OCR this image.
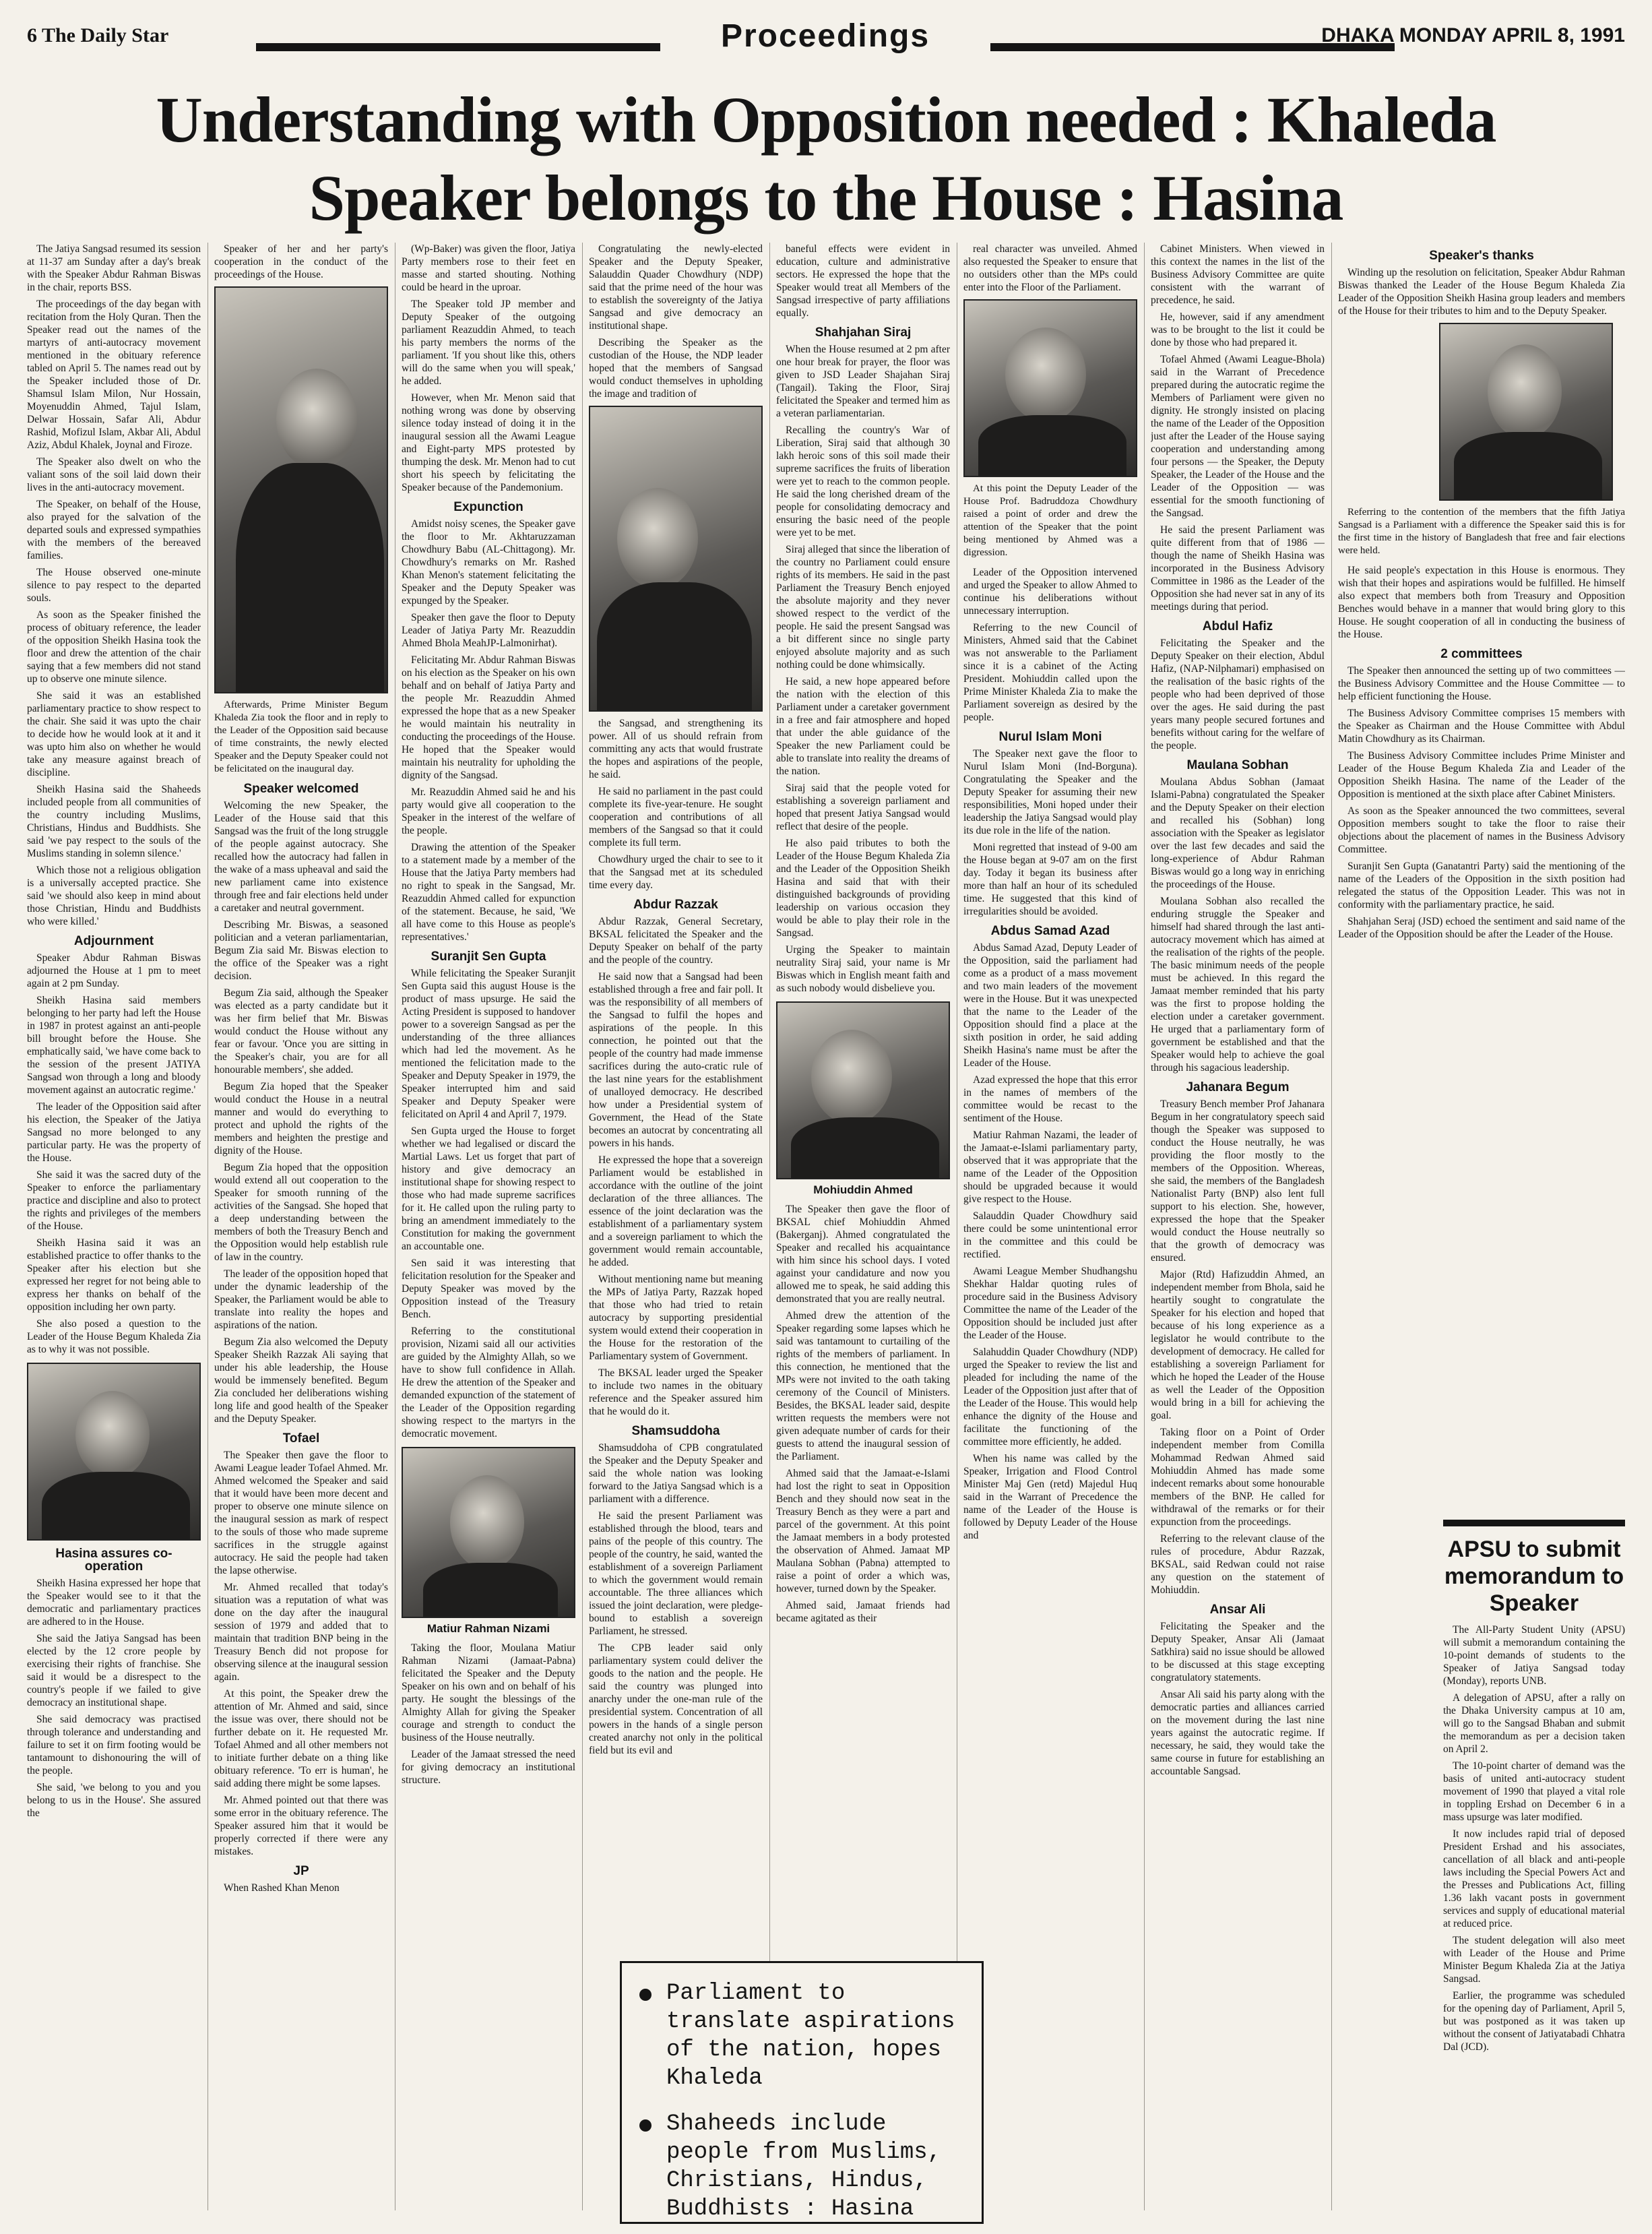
6 The Daily Star	Proceedings	DHAKA MONDAY APRIL 8, 1991
Understanding with Opposition needed : Khaleda
Speaker belongs to the House : Hasina

The Jatiya Sangsad resumed its session at 11-37 am Sunday after a day's break with the Speaker Abdur Rahman Biswas in the chair, reports BSS.

The proceedings of the day began with recitation from the Holy Quran. Then the Speaker read out the names of the martyrs of anti-autocracy movement mentioned in the obituary reference tabled on April 5. The names read out by the Speaker included those of Dr. Shamsul Islam Milon, Nur Hossain, Moyenuddin Ahmed, Tajul Islam, Delwar Hossain, Safar Ali, Abdur Rashid, Mofizul Islam, Akbar Ali, Abdul Aziz, Abdul Khalek, Joynal and Firoze.

The Speaker also dwelt on who the valiant sons of the soil laid down their lives in the anti-autocracy movement.

The Speaker, on behalf of the House, also prayed for the salvation of the departed souls and expressed sympathies with the members of the bereaved families.

The House observed one-minute silence to pay respect to the departed souls.

As soon as the Speaker finished the process of obituary reference, the leader of the opposition Sheikh Hasina took the floor and drew the attention of the chair saying that a few members did not stand up to observe one minute silence.

She said it was an established parliamentary practice to show respect to the chair. She said it was upto the chair to decide how he would look at it and it was upto him also on whether he would take any measure against breach of discipline.

Sheikh Hasina said the Shaheeds included people from all communities of the country including Muslims, Christians, Hindus and Buddhists. She said 'we pay respect to the souls of the Muslims standing in solemn silence.'

Which those not a religious obligation is a universally accepted practice. She said 'we should also keep in mind about those Christian, Hindu and Buddhists who were killed.'

Adjournment

Speaker Abdur Rahman Biswas adjourned the House at 1 pm to meet again at 2 pm Sunday.

Sheikh Hasina said members belonging to her party had left the House in 1987 in protest against an anti-people bill brought before the House. She emphatically said, 'we have come back to the session of the present JATIYA Sangsad won through a long and bloody movement against an autocratic regime.'

The leader of the Opposition said after his election, the Speaker of the Jatiya Sangsad no more belonged to any particular party. He was the property of the House.

She said it was the sacred duty of the Speaker to enforce the parliamentary practice and discipline and also to protect the rights and privileges of the members of the House.

Sheikh Hasina said it was an established practice to offer thanks to the Speaker after his election but she expressed her regret for not being able to express her thanks on behalf of the opposition including her own party.

She also posed a question to the Leader of the House Begum Khaleda Zia as to why it was not possible.

Hasina assures co-operation

Sheikh Hasina expressed her hope that the Speaker would see to it that the democratic and parliamentary practices are adhered to in the House.

She said the Jatiya Sangsad has been elected by the 12 crore people by exercising their rights of franchise. She said it would be a disrespect to the country's people if we failed to give democracy an institutional shape.

She said democracy was practised through tolerance and understanding and failure to set it on firm footing would be tantamount to dishonouring the will of the people.

She said, 'we belong to you and you belong to us in the House'. She assured the

Speaker of her and her party's cooperation in the conduct of the proceedings of the House.

Afterwards, Prime Minister Begum Khaleda Zia took the floor and in reply to the Leader of the Opposition said because of time constraints, the newly elected Speaker and the Deputy Speaker could not be felicitated on the inaugural day.

Speaker welcomed

Welcoming the new Speaker, the Leader of the House said that this Sangsad was the fruit of the long struggle of the people against autocracy. She recalled how the autocracy had fallen in the wake of a mass upheaval and said the new parliament came into existence through free and fair elections held under a caretaker and neutral government.

Describing Mr. Biswas, a seasoned politician and a veteran parliamentarian, Begum Zia said Mr. Biswas election to the office of the Speaker was a right decision.

Begum Zia said, although the Speaker was elected as a party candidate but it was her firm belief that Mr. Biswas would conduct the House without any fear or favour. 'Once you are sitting in the Speaker's chair, you are for all honourable members', she added.

Begum Zia hoped that the Speaker would conduct the House in a neutral manner and would do everything to protect and uphold the rights of the members and heighten the prestige and dignity of the House.

Begum Zia hoped that the opposition would extend all out cooperation to the Speaker for smooth running of the activities of the Sangsad. She hoped that a deep understanding between the members of both the Treasury Bench and the Opposition would help establish rule of law in the country.

The leader of the opposition hoped that under the dynamic leadership of the Speaker, the Parliament would be able to translate into reality the hopes and aspirations of the nation.

Begum Zia also welcomed the Deputy Speaker Sheikh Razzak Ali saying that under his able leadership, the House would be immensely benefited. Begum Zia concluded her deliberations wishing long life and good health of the Speaker and the Deputy Speaker.

Tofael

The Speaker then gave the floor to Awami League leader Tofael Ahmed. Mr. Ahmed welcomed the Speaker and said that it would have been more decent and proper to observe one minute silence on the inaugural session as mark of respect to the souls of those who made supreme sacrifices in the struggle against autocracy. He said the people had taken the lapse otherwise.

Mr. Ahmed recalled that today's situation was a reputation of what was done on the day after the inaugural session of 1979 and added that to maintain that tradition BNP being in the Treasury Bench did not propose for observing silence at the inaugural session again.

At this point, the Speaker drew the attention of Mr. Ahmed and said, since the issue was over, there should not be further debate on it. He requested Mr. Tofael Ahmed and all other members not to initiate further debate on a thing like obituary reference. 'To err is human', he said adding there might be some lapses.

Mr. Ahmed pointed out that there was some error in the obituary reference. The Speaker assured him that it would be properly corrected if there were any mistakes.

JP

When Rashed Khan Menon

(Wp-Baker) was given the floor, Jatiya Party members rose to their feet en masse and started shouting. Nothing could be heard in the uproar.

The Speaker told JP member and Deputy Speaker of the outgoing parliament Reazuddin Ahmed, to teach his party members the norms of the parliament. 'If you shout like this, others will do the same when you will speak,' he added.

However, when Mr. Menon said that nothing wrong was done by observing silence today instead of doing it in the inaugural session all the Awami League and Eight-party MPS protested by thumping the desk. Mr. Menon had to cut short his speech by felicitating the Speaker because of the Pandemonium.

Expunction

Amidst noisy scenes, the Speaker gave the floor to Mr. Akhtaruzzaman Chowdhury Babu (AL-Chittagong). Mr. Chowdhury's remarks on Mr. Rashed Khan Menon's statement felicitating the Speaker and the Deputy Speaker was expunged by the Speaker.

Speaker then gave the floor to Deputy Leader of Jatiya Party Mr. Reazuddin Ahmed Bhola MeahJP-Lalmonirhat).

Felicitating Mr. Abdur Rahman Biswas on his election as the Speaker on his own behalf and on behalf of Jatiya Party and the people Mr. Reazuddin Ahmed expressed the hope that as a new Speaker he would maintain his neutrality in conducting the proceedings of the House. He hoped that the Speaker would maintain his neutrality for upholding the dignity of the Sangsad.

Mr. Reazuddin Ahmed said he and his party would give all cooperation to the Speaker in the interest of the welfare of the people.

Drawing the attention of the Speaker to a statement made by a member of the House that the Jatiya Party members had no right to speak in the Sangsad, Mr. Reazuddin Ahmed called for expunction of the statement. Because, he said, 'We all have come to this House as people's representatives.'

Suranjit Sen Gupta

While felicitating the Speaker Suranjit Sen Gupta said this august House is the product of mass upsurge. He said the Acting President is supposed to handover power to a sovereign Sangsad as per the understanding of the three alliances which had led the movement. As he mentioned the felicitation made to the Speaker and Deputy Speaker in 1979, the Speaker interrupted him and said Speaker and Deputy Speaker were felicitated on April 4 and April 7, 1979.

Sen Gupta urged the House to forget whether we had legalised or discard the Martial Laws. Let us forget that part of history and give democracy an institutional shape for showing respect to those who had made supreme sacrifices for it. He called upon the ruling party to bring an amendment immediately to the Constitution for making the government an accountable one.

Sen said it was interesting that felicitation resolution for the Speaker and Deputy Speaker was moved by the Opposition instead of the Treasury Bench.

Referring to the constitutional provision, Nizami said all our activities are guided by the Almighty Allah, so we have to show full confidence in Allah. He drew the attention of the Speaker and demanded expunction of the statement of the Leader of the Opposition regarding showing respect to the martyrs in the democratic movement.

Matiur Rahman Nizami

Taking the floor, Moulana Matiur Rahman Nizami (Jamaat-Pabna) felicitated the Speaker and the Deputy Speaker on his own and on behalf of his party. He sought the blessings of the Almighty Allah for giving the Speaker courage and strength to conduct the business of the House neutrally.

Leader of the Jamaat stressed the need for giving democracy an institutional structure.

Congratulating the newly-elected Speaker and the Deputy Speaker, Salauddin Quader Chowdhury (NDP) said that the prime need of the hour was to establish the sovereignty of the Jatiya Sangsad and give democracy an institutional shape.

Describing the Speaker as the custodian of the House, the NDP leader hoped that the members of Sangsad would conduct themselves in upholding the image and tradition of

the Sangsad, and strengthening its power. All of us should refrain from committing any acts that would frustrate the hopes and aspirations of the people, he said.

He said no parliament in the past could complete its five-year-tenure. He sought cooperation and contributions of all members of the Sangsad so that it could complete its full term.

Chowdhury urged the chair to see to it that the Sangsad met at its scheduled time every day.

Abdur Razzak

Abdur Razzak, General Secretary, BKSAL felicitated the Speaker and the Deputy Speaker on behalf of the party and the people of the country.

He said now that a Sangsad had been established through a free and fair poll. It was the responsibility of all members of the Sangsad to fulfil the hopes and aspirations of the people. In this connection, he pointed out that the people of the country had made immense sacrifices during the auto-cratic rule of the last nine years for the establishment of unalloyed democracy. He described how under a Presidential system of Government, the Head of the State becomes an autocrat by concentrating all powers in his hands.

He expressed the hope that a sovereign Parliament would be established in accordance with the outline of the joint declaration of the three alliances. The essence of the joint declaration was the establishment of a parliamentary system and a sovereign parliament to which the government would remain accountable, he added.

Without mentioning name but meaning the MPs of Jatiya Party, Razzak hoped that those who had tried to retain autocracy by supporting presidential system would extend their cooperation in the House for the restoration of the Parliamentary system of Government.

The BKSAL leader urged the Speaker to include two names in the obituary reference and the Speaker assured him that he would do it.

Shamsuddoha

Shamsuddoha of CPB congratulated the Speaker and the Deputy Speaker and said the whole nation was looking forward to the Jatiya Sangsad which is a parliament with a difference.

He said the present Parliament was established through the blood, tears and pains of the people of this country. The people of the country, he said, wanted the establishment of a sovereign Parliament to which the government would remain accountable. The three alliances which issued the joint declaration, were pledge-bound to establish a sovereign Parliament, he stressed.

The CPB leader said only parliamentary system could deliver the goods to the nation and the people. He said the country was plunged into anarchy under the one-man rule of the presidential system. Concentration of all powers in the hands of a single person created anarchy not only in the political field but its evil and

baneful effects were evident in education, culture and administrative sectors. He expressed the hope that the Speaker would treat all Members of the Sangsad irrespective of party affiliations equally.

Shahjahan Siraj

When the House resumed at 2 pm after one hour break for prayer, the floor was given to JSD Leader Shajahan Siraj (Tangail). Taking the Floor, Siraj felicitated the Speaker and termed him as a veteran parliamentarian.

Recalling the country's War of Liberation, Siraj said that although 30 lakh heroic sons of this soil made their supreme sacrifices the fruits of liberation were yet to reach to the common people. He said the long cherished dream of the people for consolidating democracy and ensuring the basic need of the people were yet to be met.

Siraj alleged that since the liberation of the country no Parliament could ensure rights of its members. He said in the past Parliament the Treasury Bench enjoyed the absolute majority and they never showed respect to the verdict of the people. He said the present Sangsad was a bit different since no single party enjoyed absolute majority and as such nothing could be done whimsically.

He said, a new hope appeared before the nation with the election of this Parliament under a caretaker government in a free and fair atmosphere and hoped that under the able guidance of the Speaker the new Parliament could be able to translate into reality the dreams of the nation.

Siraj said that the people voted for establishing a sovereign parliament and hoped that present Jatiya Sangsad would reflect that desire of the people.

He also paid tributes to both the Leader of the House Begum Khaleda Zia and the Leader of the Opposition Sheikh Hasina and said that with their distinguished backgrounds of providing leadership on various occasion they would be able to play their role in the Sangsad.

Urging the Speaker to maintain neutrality Siraj said, your name is Mr Biswas which in English meant faith and as such nobody would disbelieve you.

Mohiuddin Ahmed

The Speaker then gave the floor of BKSAL chief Mohiuddin Ahmed (Bakerganj). Ahmed congratulated the Speaker and recalled his acquaintance with him since his school days. I voted against your candidature and now you allowed me to speak, he said adding this demonstrated that you are really neutral.

Ahmed drew the attention of the Speaker regarding some lapses which he said was tantamount to curtailing of the rights of the members of parliament. In this connection, he mentioned that the MPs were not invited to the oath taking ceremony of the Council of Ministers. Besides, the BKSAL leader said, despite written requests the members were not given adequate number of cards for their guests to attend the inaugural session of the Parliament.

Ahmed said that the Jamaat-e-Islami had lost the right to seat in Opposition Bench and they should now seat in the Treasury Bench as they were a part and parcel of the government. At this point the Jamaat members in a body protested the observation of Ahmed. Jamaat MP Maulana Sobhan (Pabna) attempted to raise a point of order a which was, however, turned down by the Speaker.

Ahmed said, Jamaat friends had became agitated as their

real character was unveiled. Ahmed also requested the Speaker to ensure that no outsiders other than the MPs could enter into the Floor of the Parliament.

At this point the Deputy Leader of the House Prof. Badruddoza Chowdhury raised a point of order and drew the attention of the Speaker that the point being mentioned by Ahmed was a digression.

Leader of the Opposition intervened and urged the Speaker to allow Ahmed to continue his deliberations without unnecessary interruption.

Referring to the new Council of Ministers, Ahmed said that the Cabinet was not answerable to the Parliament since it is a cabinet of the Acting President. Mohiuddin called upon the Prime Minister Khaleda Zia to make the Parliament sovereign as desired by the people.

Nurul Islam Moni

The Speaker next gave the floor to Nurul Islam Moni (Ind-Borguna). Congratulating the Speaker and the Deputy Speaker for assuming their new responsibilities, Moni hoped under their leadership the Jatiya Sangsad would play its due role in the life of the nation.

Moni regretted that instead of 9-00 am the House began at 9-07 am on the first day. Today it began its business after more than half an hour of its scheduled time. He suggested that this kind of irregularities should be avoided.

Abdus Samad Azad

Abdus Samad Azad, Deputy Leader of the Opposition, said the parliament had come as a product of a mass movement and two main leaders of the movement were in the House. But it was unexpected that the name to the Leader of the Opposition should find a place at the sixth position in order, he said adding Sheikh Hasina's name must be after the Leader of the House.

Azad expressed the hope that this error in the names of members of the committee would be recast to the sentiment of the House.

Matiur Rahman Nazami, the leader of the Jamaat-e-Islami parliamentary party, observed that it was appropriate that the name of the Leader of the Opposition should be upgraded because it would give respect to the House.

Salauddin Quader Chowdhury said there could be some unintentional error in the committee and this could be rectified.

Awami League Member Shudhangshu Shekhar Haldar quoting rules of procedure said in the Business Advisory Committee the name of the Leader of the Opposition should be included just after the Leader of the House.

Salahuddin Quader Chowdhury (NDP) urged the Speaker to review the list and pleaded for including the name of the Leader of the Opposition just after that of the Leader of the House. This would help enhance the dignity of the House and facilitate the functioning of the committee more efficiently, he added.

When his name was called by the Speaker, Irrigation and Flood Control Minister Maj Gen (retd) Majedul Huq said in the Warrant of Precedence the name of the Leader of the House is followed by Deputy Leader of the House and

Cabinet Ministers. When viewed in this context the names in the list of the Business Advisory Committee are quite consistent with the warrant of precedence, he said.

He, however, said if any amendment was to be brought to the list it could be done by those who had prepared it.

Tofael Ahmed (Awami League-Bhola) said in the Warrant of Precedence prepared during the autocratic regime the Members of Parliament were given no dignity. He strongly insisted on placing the name of the Leader of the Opposition just after the Leader of the House saying cooperation and understanding among four persons — the Speaker, the Deputy Speaker, the Leader of the House and the Leader of the Opposition — was essential for the smooth functioning of the Sangsad.

He said the present Parliament was quite different from that of 1986 — though the name of Sheikh Hasina was incorporated in the Business Advisory Committee in 1986 as the Leader of the Opposition she had never sat in any of its meetings during that period.

Abdul Hafiz

Felicitating the Speaker and the Deputy Speaker on their election, Abdul Hafiz, (NAP-Nilphamari) emphasised on the realisation of the basic rights of the people who had been deprived of those over the ages. He said during the past years many people secured fortunes and benefits without caring for the welfare of the people.

Maulana Sobhan

Moulana Abdus Sobhan (Jamaat Islami-Pabna) congratulated the Speaker and the Deputy Speaker on their election and recalled his (Sobhan) long association with the Speaker as legislator over the last few decades and said the long-experience of Abdur Rahman Biswas would go a long way in enriching the proceedings of the House.

Moulana Sobhan also recalled the enduring struggle the Speaker and himself had shared through the last anti-autocracy movement which has aimed at the realisation of the rights of the people. The basic minimum needs of the people must be achieved. In this regard the Jamaat member reminded that his party was the first to propose holding the election under a caretaker government. He urged that a parliamentary form of government be established and that the Speaker would help to achieve the goal through his sagacious leadership.

Jahanara Begum

Treasury Bench member Prof Jahanara Begum in her congratulatory speech said though the Speaker was supposed to conduct the House neutrally, he was providing the floor mostly to the members of the Opposition. Whereas, she said, the members of the Bangladesh Nationalist Party (BNP) also lent full support to his election. She, however, expressed the hope that the Speaker would conduct the House neutrally so that the growth of democracy was ensured.

Major (Rtd) Hafizuddin Ahmed, an independent member from Bhola, said he heartily sought to congratulate the Speaker for his election and hoped that because of his long experience as a legislator he would contribute to the development of democracy. He called for establishing a sovereign Parliament for which he hoped the Leader of the House as well the Leader of the Opposition would bring in a bill for achieving the goal.

Taking floor on a Point of Order independent member from Comilla Mohammad Redwan Ahmed said Mohiuddin Ahmed has made some indecent remarks about some honourable members of the BNP. He called for withdrawal of the remarks or for their expunction from the proceedings.

Referring to the relevant clause of the rules of procedure, Abdur Razzak, BKSAL, said Redwan could not raise any question on the statement of Mohiuddin.

Ansar Ali

Felicitating the Speaker and the Deputy Speaker, Ansar Ali (Jamaat Satkhira) said no issue should be allowed to be discussed at this stage excepting congratulatory statements.

Ansar Ali said his party along with the democratic parties and alliances carried on the movement during the last nine years against the autocratic regime. If necessary, he said, they would take the same course in future for establishing an accountable Sangsad.

Speaker's thanks

Winding up the resolution on felicitation, Speaker Abdur Rahman Biswas thanked the Leader of the House Begum Khaleda Zia Leader of the Opposition Sheikh Hasina group leaders and members of the House for their tributes to him and to the Deputy Speaker.

Referring to the contention of the members that the fifth Jatiya Sangsad is a Parliament with a difference the Speaker said this is for the first time in the history of Bangladesh that free and fair elections were held.

He said people's expectation in this House is enormous. They wish that their hopes and aspirations would be fulfilled. He himself also expect that members both from Treasury and Opposition Benches would behave in a manner that would bring glory to this House. He sought cooperation of all in conducting the business of the House.

2 committees

The Speaker then announced the setting up of two committees — the Business Advisory Committee and the House Committee — to help efficient functioning the House.

The Business Advisory Committee comprises 15 members with the Speaker as Chairman and the House Committee with Abdul Matin Chowdhury as its Chairman.

The Business Advisory Committee includes Prime Minister and Leader of the House Begum Khaleda Zia and Leader of the Opposition Sheikh Hasina. The name of the Leader of the Opposition is mentioned at the sixth place after Cabinet Ministers.

As soon as the Speaker announced the two committees, several Opposition members sought to take the floor to raise their objections about the placement of names in the Business Advisory Committee.

Suranjit Sen Gupta (Ganatantri Party) said the mentioning of the name of the Leaders of the Opposition in the sixth position had relegated the status of the Opposition Leader. This was not in conformity with the parliamentary practice, he said.

Shahjahan Seraj (JSD) echoed the sentiment and said name of the Leader of the Opposition should be after the Leader of the House.

APSU to submit memorandum to Speaker

The All-Party Student Unity (APSU) will submit a memorandum containing the 10-point demands of students to the Speaker of Jatiya Sangsad today (Monday), reports UNB.

A delegation of APSU, after a rally on the Dhaka University campus at 10 am, will go to the Sangsad Bhaban and submit the memorandum as per a decision taken on April 2.

The 10-point charter of demand was the basis of united anti-autocracy student movement of 1990 that played a vital role in toppling Ershad on December 6 in a mass upsurge was later modified.

It now includes rapid trial of deposed President Ershad and his associates, cancellation of all black and anti-people laws including the Special Powers Act and the Presses and Publications Act, filling 1.36 lakh vacant posts in government services and supply of educational material at reduced price.

The student delegation will also meet with Leader of the House and Prime Minister Begum Khaleda Zia at the Jatiya Sangsad.

Earlier, the programme was scheduled for the opening day of Parliament, April 5, but was postponed as it was taken up without the consent of Jatiyatabadi Chhatra Dal (JCD).

Parliament to translate aspirations of the nation, hopes Khaleda
Shaheeds include people from Muslims, Christians, Hindus, Buddhists : Hasina
